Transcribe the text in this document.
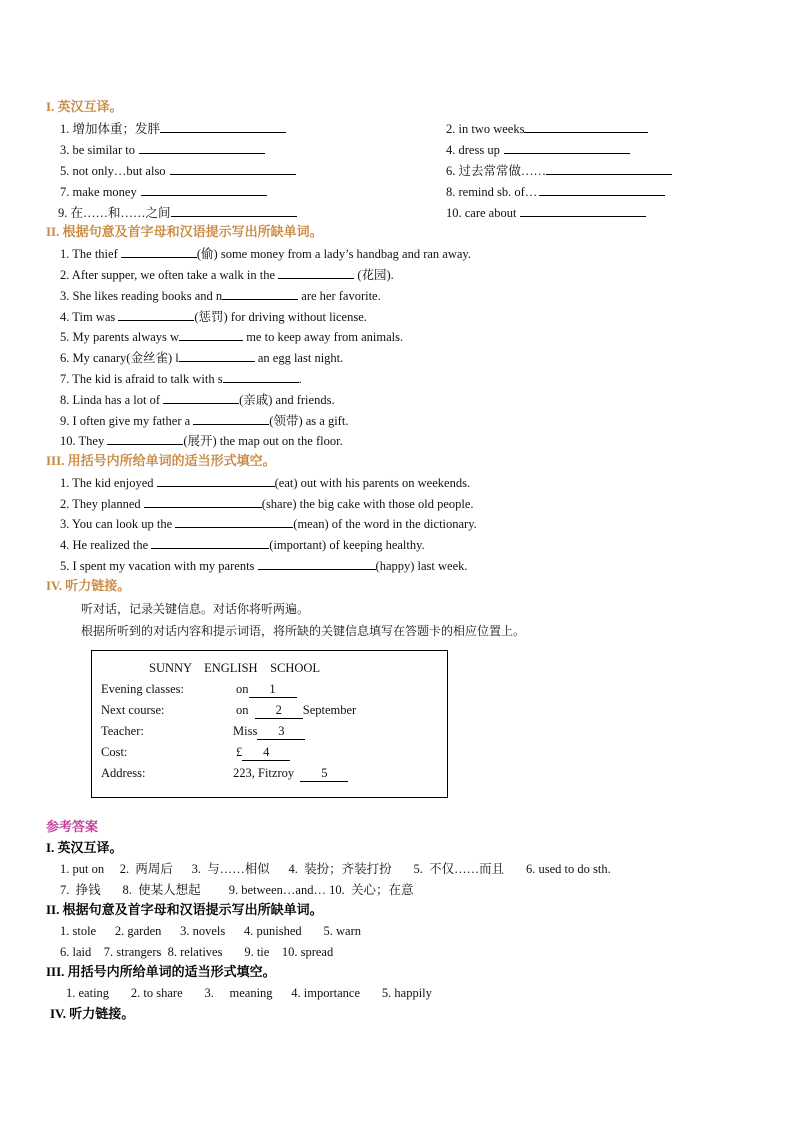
I. 英汉互译。
1. 增加体重；发胖	2. in two weeks
3. be similar to	4. dress up
5. not only…but also	6. 过去常常做……
7. make money	8. remind sb. of…
9. 在……和……之间	10. care about
II. 根据句意及首字母和汉语提示写出所缺单词。
1. The thief	(偷) some money from a lady’s handbag and ran away.
2. After supper, we often take a walk in the	(花园).
3. She likes reading books and n	are her favorite.
4. Tim was	(惩罚) for driving without license.
5. My parents always w	me to keep away from animals.
6. My canary(金丝雀) l	an egg last night.
7. The kid is afraid to talk with s	.
8. Linda has a lot of	(亲戚) and friends.
9. I often give my father a	(领带) as a gift.
10. They	(展开) the map out on the floor.
III. 用括号内所给单词的适当形式填空。
1. The kid enjoyed	(eat) out with his parents on weekends.
2. They planned	(share) the big cake with those old people.
3. You can look up the	(mean) of the word in the dictionary.
4. He realized the	(important) of keeping healthy.
5. I spent my vacation with my parents	(happy) last week.
IV. 听力链接。
听对话，记录关键信息。对话你将听两遍。
根据所听到的对话内容和提示词语，将所缺的关键信息填写在答题卡的相应位置上。
SUNNY    ENGLISH    SCHOOL
Evening classes:	on 1
Next course:	on  2 September
Teacher:	Miss 3
Cost:	£ 4
Address:	223, Fitzroy  5
参考答案
I. 英汉互译。
1. put on     2.  两周后      3.  与……相似      4.  装扮；齐装打扮       5.  不仅……而且       6. used to do sth.
7.  挣钱       8.  使某人想起         9. between…and… 10.  关心；在意
II. 根据句意及首字母和汉语提示写出所缺单词。
1. stole      2. garden      3. novels      4. punished       5. warn
6. laid    7. strangers  8. relatives       9. tie    10. spread
III. 用括号内所给单词的适当形式填空。
1. eating       2. to share       3.     meaning      4. importance       5. happily
IV. 听力链接。
